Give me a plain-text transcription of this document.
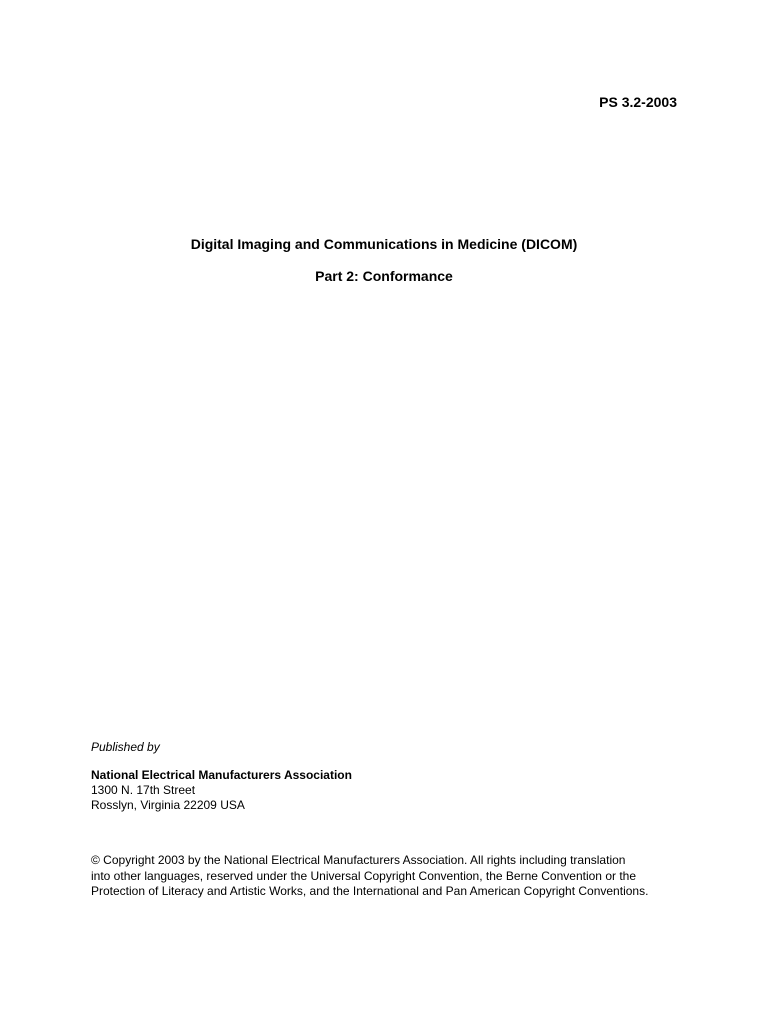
PS 3.2-2003

Digital Imaging and Communications in Medicine (DICOM)

Part 2: Conformance

Published by

National Electrical Manufacturers Association

1300 N. 17th Street

Rosslyn, Virginia 22209 USA

© Copyright 2003 by the National Electrical Manufacturers Association. All rights including translation

into other languages, reserved under the Universal Copyright Convention, the Berne Convention or the

Protection of Literacy and Artistic Works, and the International and Pan American Copyright Conventions.
